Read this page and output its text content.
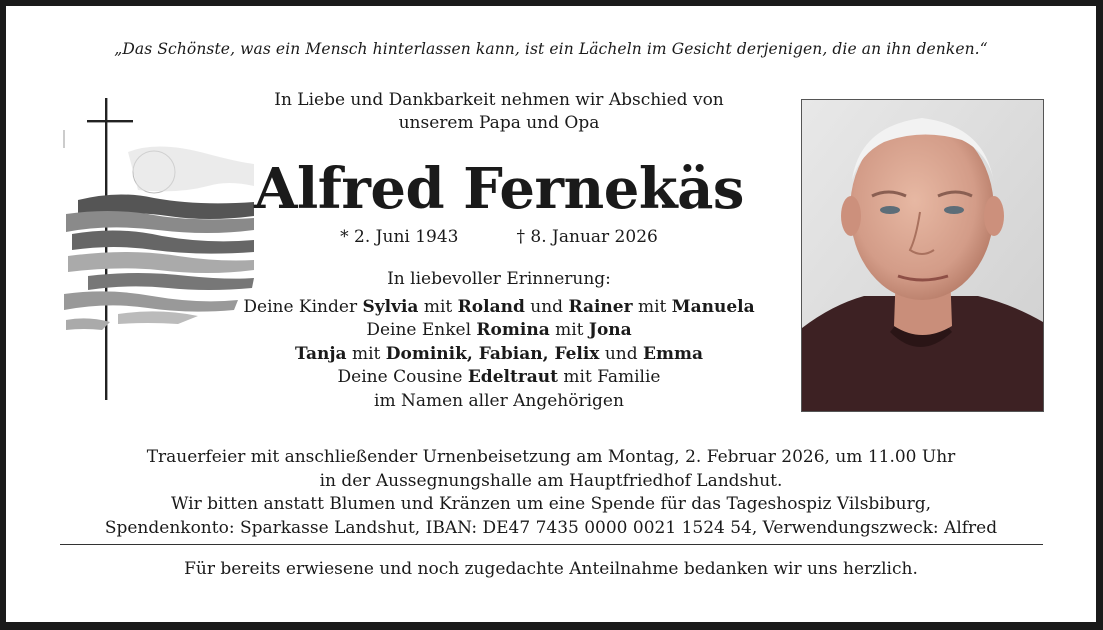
„Das Schönste, was ein Mensch hinterlassen kann, ist ein Lächeln im Gesicht derjenigen, die an ihn denken.“
In Liebe und Dankbarkeit nehmen wir Abschied von
unserem Papa und Opa
Alfred Fernekäs
* 2. Juni 1943	† 8. Januar 2026
In liebevoller Erinnerung:
Deine Kinder Sylvia mit Roland und Rainer mit Manuela
Deine Enkel Romina mit Jona
Tanja mit Dominik, Fabian, Felix und Emma
Deine Cousine Edeltraut mit Familie
im Namen aller Angehörigen
Trauerfeier mit anschließender Urnenbeisetzung am Montag, 2. Februar 2026, um 11.00 Uhr
in der Aussegnungshalle am Hauptfriedhof Landshut.
Wir bitten anstatt Blumen und Kränzen um eine Spende für das Tageshospiz Vilsbiburg,
Spendenkonto: Sparkasse Landshut, IBAN: DE47 7435 0000 0021 1524 54, Verwendungszweck: Alfred
Für bereits erwiesene und noch zugedachte Anteilnahme bedanken wir uns herzlich.
